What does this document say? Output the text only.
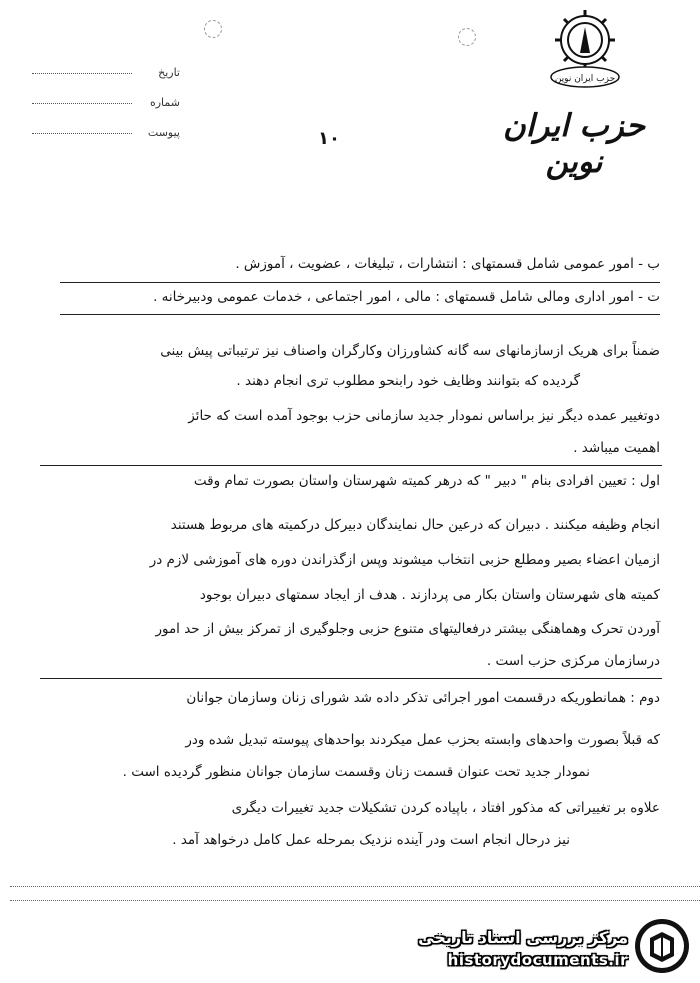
حزب ایران نوین
حزب ایران نوین
تاریخ
شماره
پیوست	۱۰
ب - امور عمومی شامل قسمتهای : انتشارات ، تبلیغات ، عضویت ، آموزش .
ت - امور اداری ومالی شامل قسمتهای : مالی ، امور اجتماعی ، خدمات عمومی ودبیرخانه .
ضمناً برای هریک ازسازمانهای سه گانه کشاورزان وکارگران واصناف نیز ترتیباتی پیش بینی
گردیده که بتوانند وظایف خود رابنحو مطلوب تری انجام دهند .
دوتغییر عمده دیگر نیز براساس نمودار جدید سازمانی حزب بوجود آمده است که حائز
اهمیت میباشد .
اول : تعیین افرادی بنام " دبیر " که درهر کمیته شهرستان واستان بصورت تمام وقت
انجام وظیفه میکنند . دبیران که درعین حال نمایندگان دبیرکل درکمیته های مربوط هستند
ازمیان اعضاء بصیر ومطلع حزبی انتخاب میشوند وپس ازگذراندن دوره های آموزشی لازم در
کمیته های شهرستان واستان بکار می پردازند . هدف از ایجاد سمتهای دبیران بوجود
آوردن تحرک وهماهنگی بیشتر درفعالیتهای متنوع حزبی وجلوگیری از تمرکز بیش از حد امور
درسازمان مرکزی حزب است .
دوم : همانطوریکه درقسمت امور اجرائی تذکر داده شد شورای زنان وسازمان جوانان
که قبلاً بصورت واحدهای وابسته بحزب عمل میکردند بواحدهای پیوسته تبدیل شده ودر
نمودار جدید تحت عنوان قسمت زنان وقسمت سازمان جوانان منظور گردیده است .
علاوه بر تغییراتی که مذکور افتاد ، باپیاده کردن تشکیلات جدید تغییرات دیگری
نیز درحال انجام است ودر آینده نزدیک بمرحله عمل کامل درخواهد آمد .
مرکز بررسی اسناد تاریخی
historydocuments.ir
